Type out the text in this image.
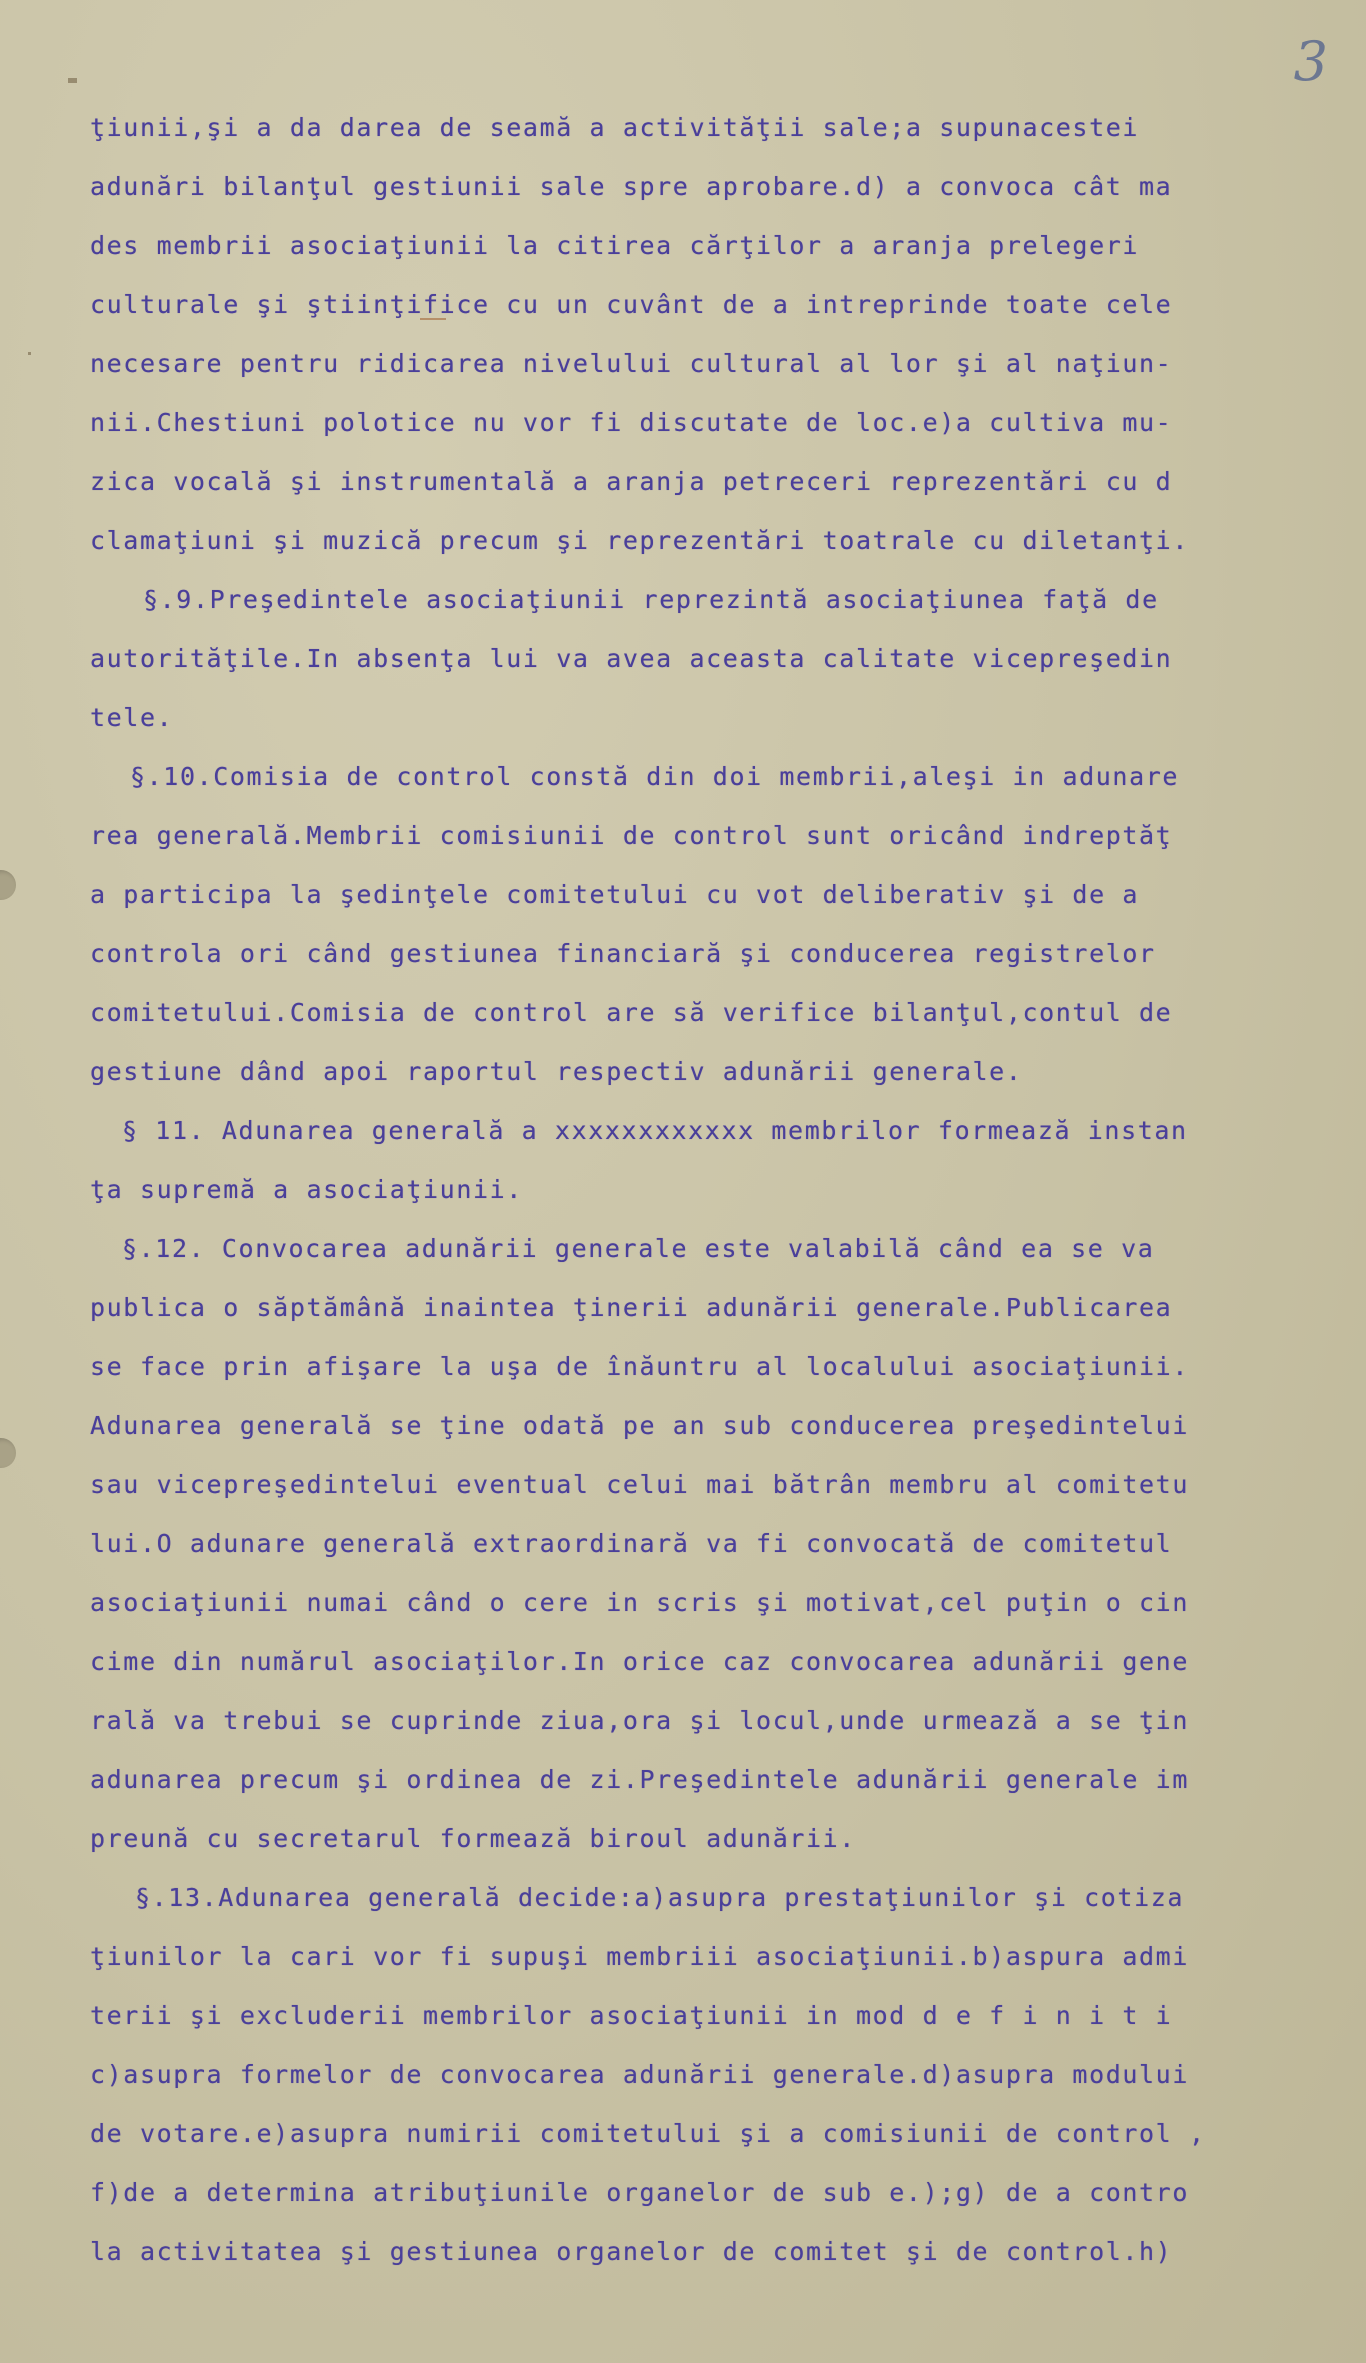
3
ţiunii,şi a da darea de seamă a activităţii sale;a supunacestei
adunări bilanţul gestiunii sale spre aprobare.d) a convoca cât ma
des membrii asociaţiunii la citirea cărţilor a aranja prelegeri
culturale şi ştiinţifice cu un cuvânt de a intreprinde toate cele
necesare pentru ridicarea nivelului cultural al lor şi al naţiun-
nii.Chestiuni polotice nu vor fi discutate de loc.e)a cultiva mu-
zica vocală şi instrumentală a aranja petreceri reprezentări cu d
clamaţiuni şi muzică precum şi reprezentări toatrale cu diletanţi.
§.9.Preşedintele asociaţiunii reprezintă asociaţiunea faţă de
autorităţile.In absenţa lui va avea aceasta calitate vicepreşedin
tele.
§.10.Comisia de control constă din doi membrii,aleşi in adunare
rea generală.Membrii comisiunii de control sunt oricând indreptăţ
a participa la şedinţele comitetului cu vot deliberativ şi de a
controla ori când gestiunea financiară şi conducerea registrelor
comitetului.Comisia de control are să verifice bilanţul,contul de
gestiune dând apoi raportul respectiv adunării generale.
§ 11. Adunarea generală a xxxxxxxxxxxx membrilor formează instan
ţa supremă a asociaţiunii.
§.12. Convocarea adunării generale este valabilă când ea se va
publica o săptămână inaintea ţinerii adunării generale.Publicarea
se face prin afişare la uşa de înăuntru al localului asociaţiunii.
Adunarea generală se ţine odată pe an sub conducerea preşedintelui
sau vicepreşedintelui eventual celui mai bătrân membru al comitetu
lui.O adunare generală extraordinară va fi convocată de comitetul
asociaţiunii numai când o cere in scris şi motivat,cel puţin o cin
cime din numărul asociaţilor.In orice caz convocarea adunării gene
rală va trebui se cuprinde ziua,ora şi locul,unde urmează a se ţin
adunarea precum şi ordinea de zi.Preşedintele adunării generale im
preună cu secretarul formează biroul adunării.
§.13.Adunarea generală decide:a)asupra prestaţiunilor şi cotiza
ţiunilor la cari vor fi supuşi membriii asociaţiunii.b)aspura admi
terii şi excluderii membrilor asociaţiunii in mod d e f i n i t i
c)asupra formelor de convocarea adunării generale.d)asupra modului
de votare.e)asupra numirii comitetului şi a comisiunii de control ,
f)de a determina atribuţiunile organelor de sub e.);g) de a contro
la activitatea şi gestiunea organelor de comitet şi de control.h)
